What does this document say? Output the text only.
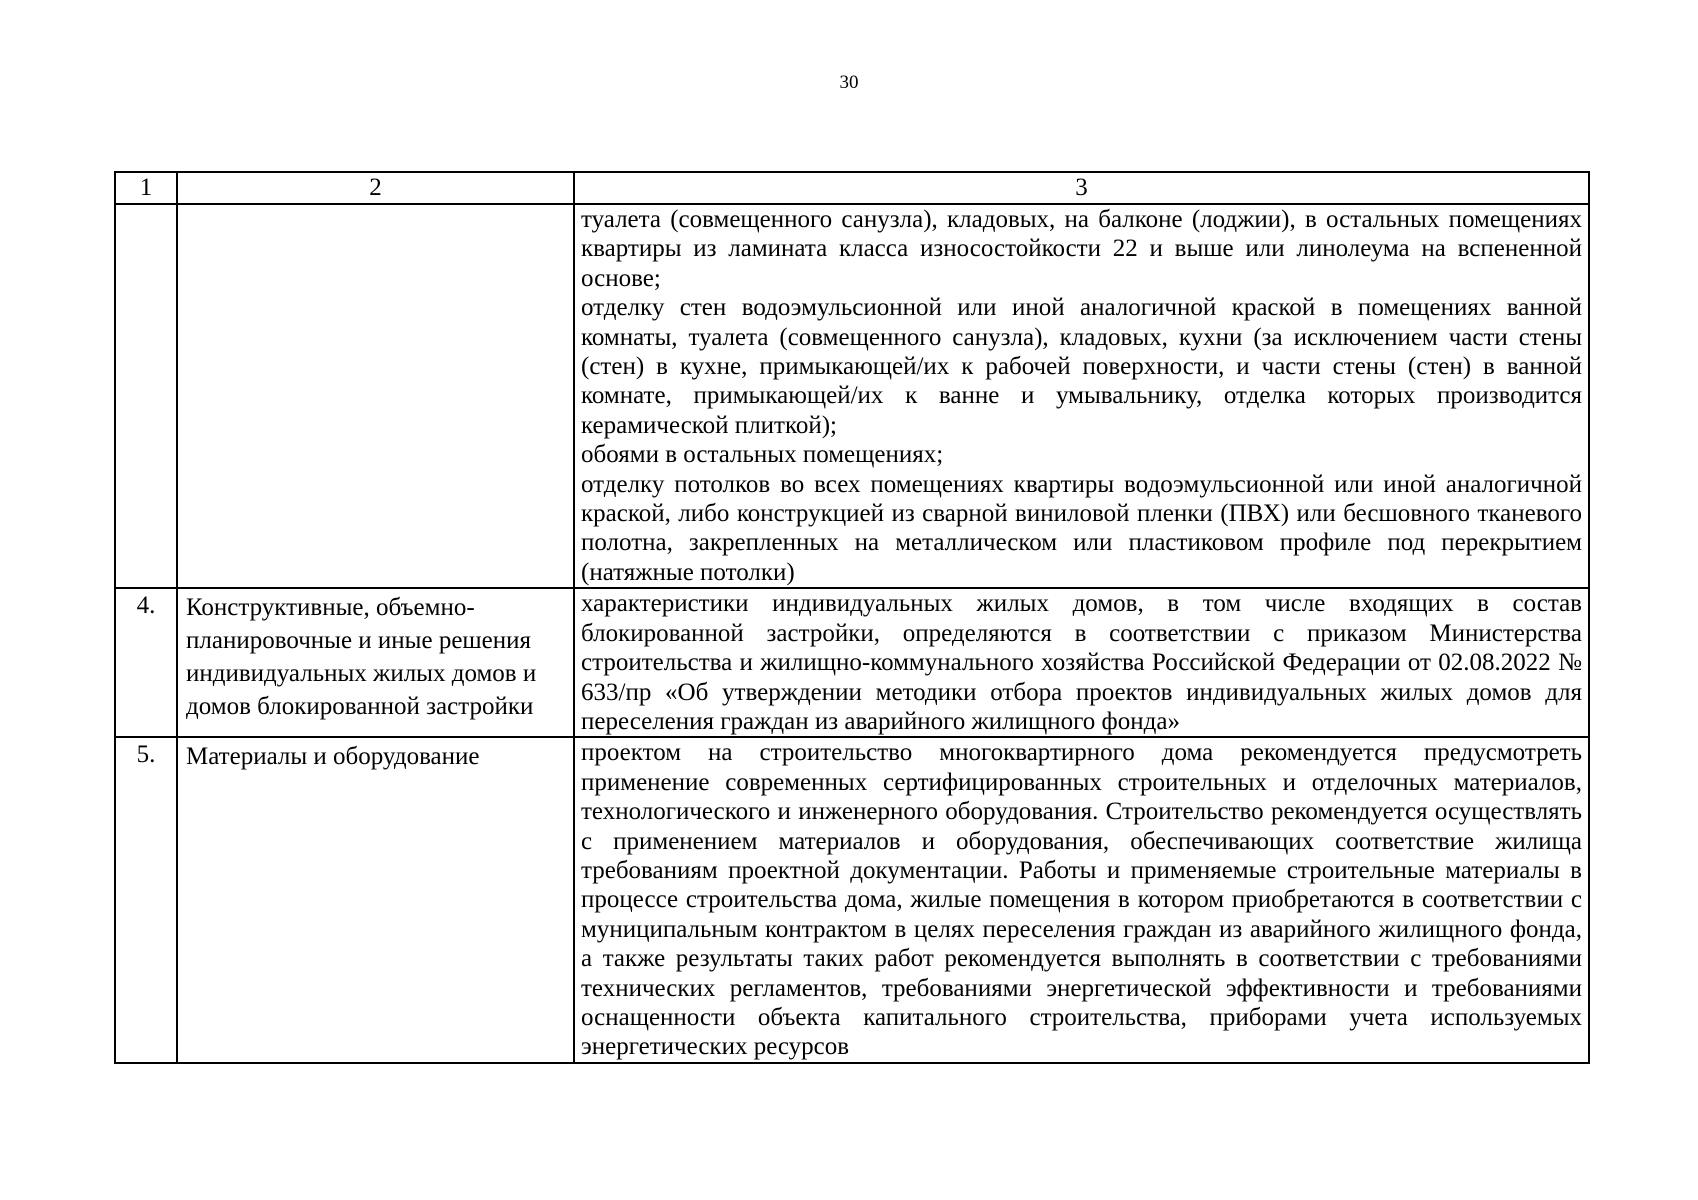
30
1	2	3

		туалета (совмещенного санузла), кладовых, на балконе (лоджии), в остальных помещениях квартиры из ламината класса износостойкости 22 и выше или линолеума на вспененной основе;

отделку стен водоэмульсионной или иной аналогичной краской в помещениях ванной комнаты, туалета (совмещенного санузла), кладовых, кухни (за исключением части стены (стен) в кухне, примыкающей/их к рабочей поверхности, и части стены (стен) в ванной комнате, примыкающей/их к ванне и умывальнику, отделка которых производится керамической плиткой);

обоями в остальных помещениях;

отделку потолков во всех помещениях квартиры водоэмульсионной или иной аналогичной краской, либо конструкцией из сварной виниловой пленки (ПВХ) или бесшовного тканевого полотна, закрепленных на металлическом или пластиковом профиле под перекрытием (натяжные потолки)

4.	Конструктивные, объемно-планировочные и иные решения индивидуальных жилых домов и домов блокированной застройки	характеристики индивидуальных жилых домов, в том числе входящих в состав блокированной застройки, определяются в соответствии с приказом Министерства строительства и жилищно-коммунального хозяйства Российской Федерации от 02.08.2022 № 633/пр «Об утверждении методики отбора проектов индивидуальных жилых домов для переселения граждан из аварийного жилищного фонда»

5.	Материалы и оборудование	проектом на строительство многоквартирного дома рекомендуется предусмотреть применение современных сертифицированных строительных и отделочных материалов, технологического и инженерного оборудования. Строительство рекомендуется осуществлять с применением материалов и оборудования, обеспечивающих соответствие жилища требованиям проектной документации. Работы и применяемые строительные материалы в процессе строительства дома, жилые помещения в котором приобретаются в соответствии с муниципальным контрактом в целях переселения граждан из аварийного жилищного фонда, а также результаты таких работ рекомендуется выполнять в соответствии с требованиями технических регламентов, требованиями энергетической эффективности и требованиями оснащенности объекта капитального строительства, приборами учета используемых энергетических ресурсов
